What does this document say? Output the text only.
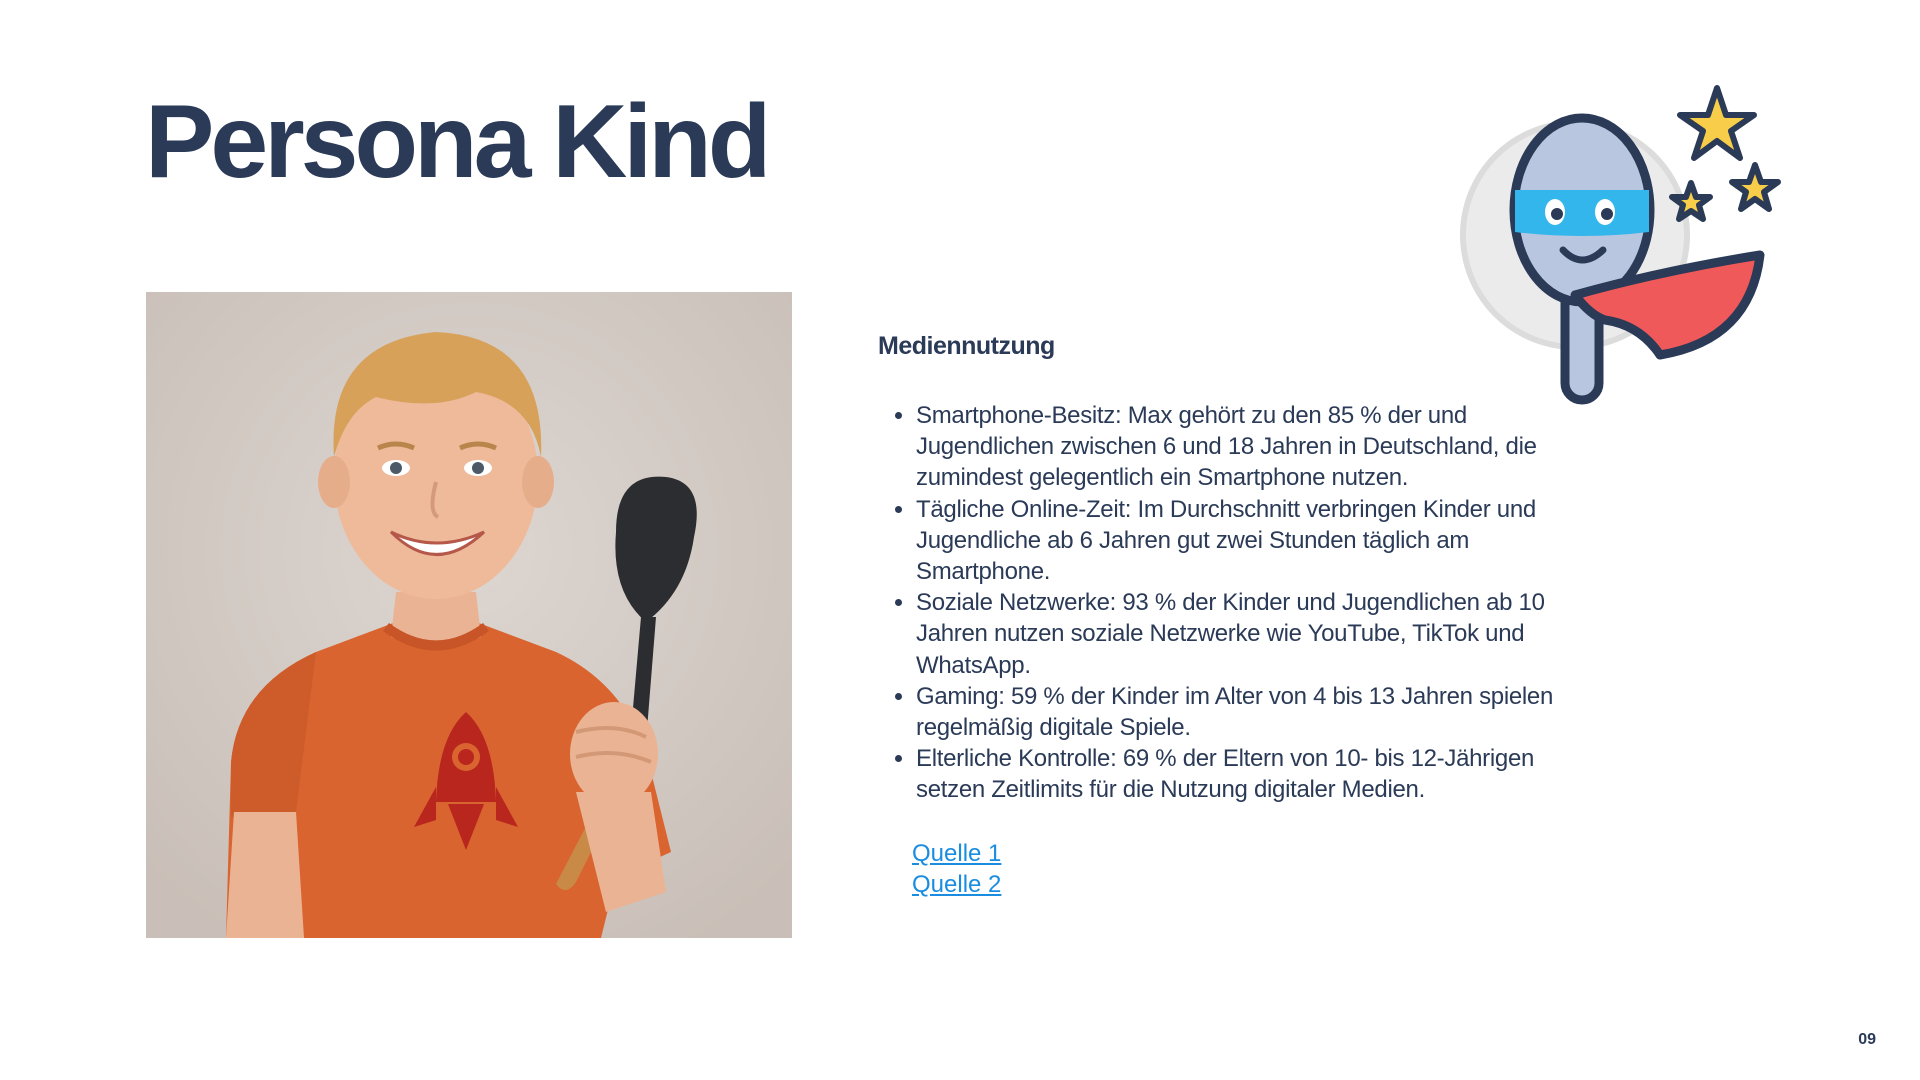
Persona Kind
Mediennutzung
• Smartphone-Besitz: Max gehört zu den 85 % der und Jugendlichen zwischen 6 und 18 Jahren in Deutschland, die zumindest gelegentlich ein Smartphone nutzen.
• Tägliche Online-Zeit: Im Durchschnitt verbringen Kinder und Jugendliche ab 6 Jahren gut zwei Stunden täglich am Smartphone.
• Soziale Netzwerke: 93 % der Kinder und Jugendlichen ab 10 Jahren nutzen soziale Netzwerke wie YouTube, TikTok und WhatsApp.
• Gaming: 59 % der Kinder im Alter von 4 bis 13 Jahren spielen regelmäßig digitale Spiele.
• Elterliche Kontrolle: 69 % der Eltern von 10- bis 12-Jährigen setzen Zeitlimits für die Nutzung digitaler Medien.
Quelle 1
Quelle 2
09
